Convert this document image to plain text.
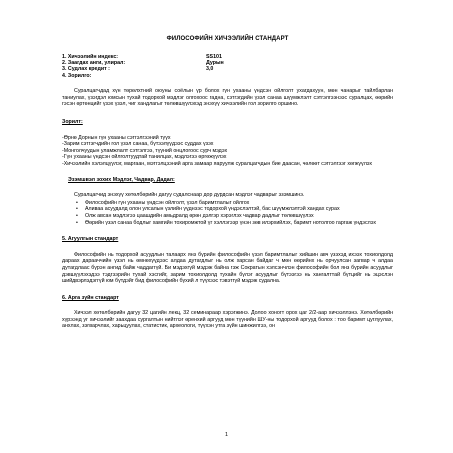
ФИЛОСОФИЙН ХИЧЭЭЛИЙН СТАНДАРТ
1. Хичээлийн индекс:	SS101
2. Заагдах анги, улирал:	Дурын
3. Судлах кредит :	3,0
4. Зорилго:

Суралцагчдад хүн төрөлхтний оюуны соёлын үр болох гүн ухааны үндсэн ойлголт ухагдахуун, мөн чанарыг тайлбарлан таниулах, үзэгдэл юмсын тухай тодорхой мэдлэг олгохоос гадна, сэтгэгдийн үзэл санаа шүүмжлэлт сэтгэлгээнээс суралцах, өөрийн гэсэн өртөнцийг үзэх үзэл, чиг хандлагыг төлөвшүүлэхэд энэхүү хичээлийн гол зорилго оршино.

Зорилт:
-Өрнө Дорнын гүн ухааны сэтгэлгээний түүх
-Зарим сэтгэгчдийн гол үзэл санаа, бүтээлүүдээс суддах үзэх
-Монголчуудын уламжлалт сэтгэлгээ, түүний онцлогоос сурч мэдэх
-Гүн ухааны үндсэн ойлголтуудтай танилцах, мэдлэгээ өргөжүүлэх
-Хичээлийн хэлэлцүүлэг, маргаан, мэтгэлцээний арга замаар яаруулж суралцагчдын бие даасан, чөлөөт сэтгэлгээг хөгжүүлэх
Эзэмшвэл зохих Мэдлэг, Чадвар, Дадал:

Суралцагчид энэхүү хөтөлбөрийн дагуу судалснаар дор дурдсан мэдлэг чадварыг эзэмшинэ.

•	Философийн гүн ухааны үндсэн ойлголт, үзэл баримтлалыг ойлгох
•	Аливаа асуудалд олон улсалын үзлийн үүднээс тодорхой үндэслэлтэй, бас шүүмжлэлтэй хандах сурах
•	Олж авсан мэдлэгээ цаашдийн амьдралд өрөн дэлгэр хэрэглэх чадвар дадлыг төлөвшүүлэх
•	Өөрийн үзэл санаа бодлыг хамгийн тохиромжтой үг хэллэгээр үнэн зөв илэрхийлэх, баримт нотолгоо гаргаж үндэслэх
5. Агуулгын стандарт

Философийн нь тодорхой асуудлын талаарх янз бүрийн философийн үзэл баримтлалыг хийшин авч үзэхэд ихээх тохиолдолд дараах дарааччийн үзэл нь өмнөхүүдээс алдаа дутагдлыг нь олж харсан байдаг ч мөн өөрийнх нь орчуулсан загвар ч алдаа дутагдлаас бүрэн ангид байж чаддаггүй. Би мэдэхгүй мэдэж байна гэж Сократын хэлсэнчлэн философийн бол янз бүрийн асуудлыг дэвшүүлэхэдээ тэдгээрийн тухай хэсгийг, зарим тохиолдолд тухайн бүлэг асуудлыг бүтээгээ нь хангалттай бүтцийг нь эцэслэн шийдвэрлэдэггүй юм бүтдэйг бид философийн бүхий л түүхээс тэвэтгүй мэдэж судална.

6. Арга зүйн стандарт

Хичээл хөтөлбөрийн дагуу 32 цагийн лекц, 32 семинараар хэрэгжинэ. Долоо хоногт орох цаг 2/2-аар хичээллэнэ. Хөтөлбөрийн хүрээнд уг хичээлийг заахдаа сургалтын нийтлэг өренхий аргууд мөн түүнийн ШУ-ны тодорхой аргууд болох : тоо баримт цуглуулах, анхлах, зэгварчлах, харьцуулах, статистик, археологи, түүхэн утга зүйн шинжилгээ, он

1
